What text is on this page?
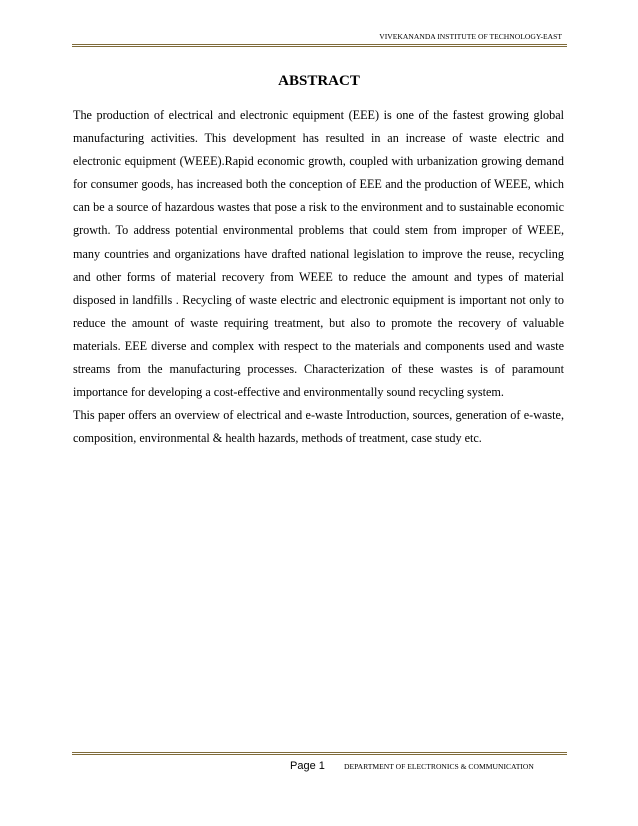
VIVEKANANDA INSTITUTE OF TECHNOLOGY-EAST
ABSTRACT

The production of electrical and electronic equipment (EEE) is one of the fastest growing global manufacturing activities. This development has resulted in an increase of waste electric and electronic equipment (WEEE).Rapid economic growth, coupled with urbanization growing demand for consumer goods, has increased both the conception of EEE and the production of WEEE, which can be a source of hazardous wastes that pose a risk to the environment and to sustainable economic growth. To address potential environmental problems that could stem from improper of WEEE, many countries and organizations have drafted national legislation to improve the reuse, recycling and other forms of material recovery from WEEE to reduce the amount and types of material disposed in landfills . Recycling of waste electric and electronic equipment is important not only to reduce the amount of waste requiring treatment, but also to promote the recovery of valuable materials. EEE diverse and complex with respect to the materials and components used and waste streams from the manufacturing processes. Characterization of these wastes is of paramount importance for developing a cost-effective and environmentally sound recycling system.

This paper offers an overview of electrical and e-waste Introduction, sources, generation of e-waste, composition, environmental & health hazards, methods of treatment, case study etc.

Page 1	DEPARTMENT OF ELECTRONICS & COMMUNICATION
